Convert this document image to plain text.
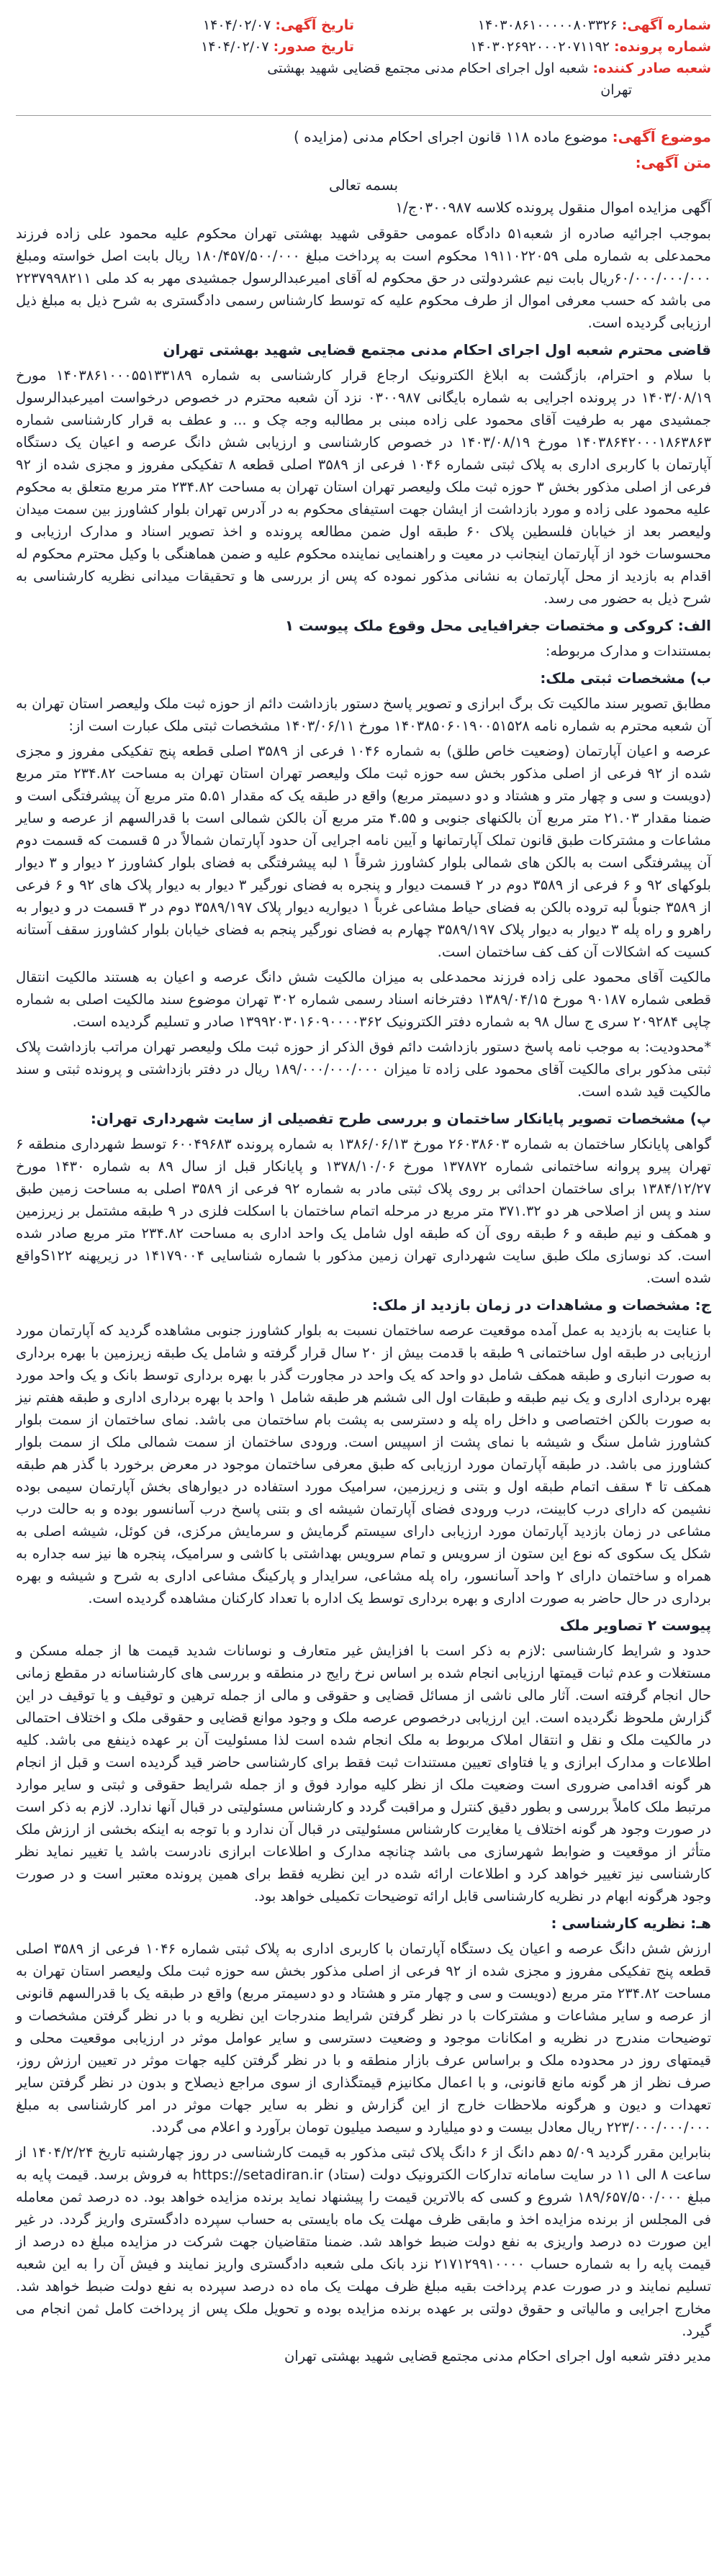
شماره آگهی: ۱۴۰۳۰۸۶۱۰۰۰۰۰۸۰۳۳۲۶
شماره پرونده: ۱۴۰۳۰۲۶۹۲۰۰۰۲۰۷۱۱۹۲
شعبه صادر کننده: شعبه اول اجرای احکام مدنی مجتمع قضایی شهید بهشتی
تهران
تاریخ آگهی: ۱۴۰۴/۰۲/۰۷
تاریخ صدور: ۱۴۰۴/۰۲/۰۷
موضوع آگهی: موضوع ماده ۱۱۸ قانون اجرای احکام مدنی (مزایده )
متن آگهی:
بسمه تعالی
آگهی مزایده اموال منقول پرونده کلاسه ۰۳۰۰۹۸۷ج/۱

بموجب اجرائیه صادره از شعبه۵۱ دادگاه عمومی حقوقی شهید بهشتی تهران محکوم علیه محمود علی زاده فرزند محمدعلی به شماره ملی ۱۹۱۱۰۲۲۰۵۹ محکوم است به پرداخت مبلغ ۱۸۰/۴۵۷/۵۰۰/۰۰۰ ریال بابت اصل خواسته ومبلغ ۶۰/۰۰۰/۰۰۰/۰۰۰ریال بابت نیم عشردولتی در حق محکوم له آقای امیرعبدالرسول جمشیدی مهر به کد ملی ۲۲۳۷۹۹۸۲۱۱ می باشد که حسب معرفی اموال از طرف محکوم علیه که توسط کارشناس رسمی دادگستری به شرح ذیل به مبلغ ذیل ارزیابی گردیده است.

قاضی محترم شعبه اول اجرای احکام مدنی مجتمع قضایی شهید بهشتی تهران

با سلام و احترام، بازگشت به ابلاغ الکترونیک ارجاع قرار کارشناسی به شماره ۱۴۰۳۸۶۱۰۰۰۵۵۱۳۳۱۸۹ مورخ ۱۴۰۳/۰۸/۱۹ در پرونده اجرایی به شماره بایگانی ۰۳۰۰۹۸۷ نزد آن شعبه محترم در خصوص درخواست امیرعبدالرسول جمشیدی مهر به طرفیت آقای محمود علی زاده مبنی بر مطالبه وجه چک و ... و عطف به قرار کارشناسی شماره ۱۴۰۳۸۶۴۲۰۰۰۱۸۶۳۸۶۳ مورخ ۱۴۰۳/۰۸/۱۹ در خصوص کارشناسی و ارزیابی شش دانگ عرصه و اعیان یک دستگاه آپارتمان با کاربری اداری به پلاک ثبتی شماره ۱۰۴۶ فرعی از ۳۵۸۹ اصلی قطعه ۸ تفکیکی مفروز و مجزی شده از ۹۲ فرعی از اصلی مذکور بخش ۳ حوزه ثبت ملک ولیعصر تهران استان تهران به مساحت ۲۳۴.۸۲ متر مربع متعلق به محکوم علیه محمود علی زاده و مورد بازداشت از ایشان جهت استیفای محکوم به در آدرس تهران بلوار کشاورز بین سمت میدان ولیعصر بعد از خیابان فلسطین پلاک ۶۰ طبقه اول ضمن مطالعه پرونده و اخذ تصویر اسناد و مدارک ارزیابی و محسوسات خود از آپارتمان اینجانب در معیت و راهنمایی نماینده محکوم علیه و ضمن هماهنگی با وکیل محترم محکوم له اقدام به بازدید از محل آپارتمان به نشانی مذکور نموده که پس از بررسی ها و تحقیقات میدانی نظریه کارشناسی به شرح ذیل به حضور می رسد.

الف: کروکی و مختصات جغرافیایی محل وقوع ملک پیوست ۱

بمستندات و مدارک مربوطه:

ب) مشخصات ثبتی ملک:

مطابق تصویر سند مالکیت تک برگ ابرازی و تصویر پاسخ دستور بازداشت دائم از حوزه ثبت ملک ولیعصر استان تهران به آن شعبه محترم به شماره نامه ۱۴۰۳۸۵۰۶۰۱۹۰۰۵۱۵۲۸ مورخ ۱۴۰۳/۰۶/۱۱ مشخصات ثبتی ملک عبارت است از:

عرصه و اعیان آپارتمان (وضعیت خاص طلق) به شماره ۱۰۴۶ فرعی از ۳۵۸۹ اصلی قطعه پنج تفکیکی مفروز و مجزی شده از ۹۲ فرعی از اصلی مذکور بخش سه حوزه ثبت ملک ولیعصر تهران استان تهران به مساحت ۲۳۴.۸۲ متر مربع (دویست و سی و چهار متر و هشتاد و دو دسیمتر مربع) واقع در طبقه یک که مقدار ۵.۵۱ متر مربع آن پیشرفتگی است و ضمنا مقدار ۲۱.۰۳ متر مربع آن بالکنهای جنوبی و ۴.۵۵ متر مربع آن بالکن شمالی است با قدرالسهم از عرصه و سایر مشاعات و مشترکات طبق قانون تملک آپارتمانها و آیین نامه اجرایی آن حدود آپارتمان شمالاً در ۵ قسمت که قسمت دوم آن پیشرفتگی است به بالکن های شمالی بلوار کشاورز شرقاً ۱ لبه پیشرفتگی به فضای بلوار کشاورز ۲ دیوار و ۳ دیوار بلوکهای ۹۲ و ۶ فرعی از ۳۵۸۹ دوم در ۲ قسمت دیوار و پنجره به فضای نورگیر ۳ دیوار به دیوار پلاک های ۹۲ و ۶ فرعی از ۳۵۸۹ جنوباً لبه تروده بالکن به فضای حیاط مشاعی غرباً ۱ دیواریه دیوار پلاک ۳۵۸۹/۱۹۷ دوم در ۳ قسمت در و دیوار به راهرو و راه پله ۳ دیوار به دیوار پلاک ۳۵۸۹/۱۹۷ چهارم به فضای نورگیر پنجم به فضای خیابان بلوار کشاورز سقف آستانه کسیت که اشکالات آن کف کف ساختمان است.

مالکیت آقای محمود علی زاده فرزند محمدعلی به میزان مالکیت شش دانگ عرصه و اعیان به هستند مالکیت انتقال قطعی شماره ۹۰۱۸۷ مورخ ۱۳۸۹/۰۴/۱۵ دفترخانه اسناد رسمی شماره ۳۰۲ تهران موضوع سند مالکیت اصلی به شماره چاپی ۲۰۹۲۸۴ سری ج سال ۹۸ به شماره دفتر الکترونیک ۱۳۹۹۲۰۳۰۱۶۰۹۰۰۰۰۳۶۲ صادر و تسلیم گردیده است.

*محدودیت: به موجب نامه پاسخ دستور بازداشت دائم فوق الذکر از حوزه ثبت ملک ولیعصر تهران مراتب بازداشت پلاک ثبتی مذکور برای مالکیت آقای محمود علی زاده تا میزان ۱۸۹/۰۰۰/۰۰۰/۰۰۰ ریال در دفتر بازداشتی و پرونده ثبتی و سند مالکیت قید شده است.

پ) مشخصات تصویر پایانکار ساختمان و بررسی طرح تفصیلی از سایت شهرداری تهران:

گواهی پایانکار ساختمان به شماره ۲۶۰۳۸۶۰۳ مورخ ۱۳۸۶/۰۶/۱۳ به شماره پرونده ۶۰۰۴۹۶۸۳ توسط شهرداری منطقه ۶ تهران پیرو پروانه ساختمانی شماره ۱۳۷۸۷۲ مورخ ۱۳۷۸/۱۰/۰۶ و پایانکار قبل از سال ۸۹ به شماره ۱۴۳۰ مورخ ۱۳۸۴/۱۲/۲۷ برای ساختمان احداثی بر روی پلاک ثبتی مادر به شماره ۹۲ فرعی از ۳۵۸۹ اصلی به مساحت زمین طبق سند و پس از اصلاحی هر دو ۳۷۱.۳۲ متر مربع در مرحله اتمام ساختمان با اسکلت فلزی در ۹ طبقه مشتمل بر زیرزمین و همکف و نیم طبقه و ۶ طبقه روی آن که طبقه اول شامل یک واحد اداری به مساحت ۲۳۴.۸۲ متر مربع صادر شده است. کد نوسازی ملک طبق سایت شهرداری تهران زمین مذکور با شماره شناسایی ۱۴۱۷۹۰۰۴ در زیرپهنه S۱۲۲واقع شده است.

ج: مشخصات و مشاهدات در زمان بازدید از ملک:

با عنایت به بازدید به عمل آمده موقعیت عرصه ساختمان نسبت به بلوار کشاورز جنوبی مشاهده گردید که آپارتمان مورد ارزیابی در طبقه اول ساختمانی ۹ طبقه با قدمت بیش از ۲۰ سال قرار گرفته و شامل یک طبقه زیرزمین با بهره برداری به صورت انباری و طبقه همکف شامل دو واحد که یک واحد در مجاورت گذر با بهره برداری توسط بانک و یک واحد مورد بهره برداری اداری و یک نیم طبقه و طبقات اول الی ششم هر طبقه شامل ۱ واحد با بهره برداری اداری و طبقه هفتم نیز به صورت بالکن اختصاصی و داخل راه پله و دسترسی به پشت بام ساختمان می باشد. نمای ساختمان از سمت بلوار کشاورز شامل سنگ و شیشه با نمای پشت از اسپیس است. ورودی ساختمان از سمت شمالی ملک از سمت بلوار کشاورز می باشد. در طبقه آپارتمان مورد ارزیابی که طبق معرفی ساختمان موجود در معرض برخورد با گذر هم طبقه همکف تا ۴ سقف اتمام طبقه اول و بتنی و زیرزمین، سرامیک مورد استفاده در دیوارهای بخش آپارتمان سیمی بوده نشیمن که دارای درب کابینت، درب ورودی فضای آپارتمان شیشه ای و بتنی پاسخ درب آسانسور بوده و به حالت درب مشاعی در زمان بازدید آپارتمان مورد ارزیابی دارای سیستم گرمایش و سرمایش مرکزی، فن کوئل، شیشه اصلی به شکل یک سکوی که نوع این ستون از سرویس و تمام سرویس بهداشتی با کاشی و سرامیک، پنجره ها نیز سه جداره به همراه و ساختمان دارای ۲ واحد آسانسور، راه پله مشاعی، سرایدار و پارکینگ مشاعی اداری به شرح و شیشه و بهره برداری در حال حاضر به صورت اداری و بهره برداری توسط یک اداره با تعداد کارکنان مشاهده گردیده است.

پیوست ۲ تصاویر ملک

حدود و شرایط کارشناسی :لازم به ذکر است با افزایش غیر متعارف و نوسانات شدید قیمت ها از جمله مسکن و مستغلات و عدم ثبات قیمتها ارزیابی انجام شده بر اساس نرخ رایج در منطقه و بررسی های کارشناسانه در مقطع زمانی حال انجام گرفته است. آثار مالی ناشی از مسائل قضایی و حقوقی و مالی از جمله ترهین و توقیف و یا توقیف در این گزارش ملحوظ نگردیده است. این ارزیابی درخصوص عرصه ملک و وجود موانع قضایی و حقوقی ملک و اختلاف احتمالی در مالکیت ملک و نقل و انتقال املاک مربوط به ملک انجام شده است لذا مسئولیت آن بر عهده ذینفع می باشد. کلیه اطلاعات و مدارک ابرازی و یا فتاوای تعیین مستندات ثبت فقط برای کارشناسی حاضر قید گردیده است و قبل از انجام هر گونه اقدامی ضروری است وضعیت ملک از نظر کلیه موارد فوق و از جمله شرایط حقوقی و ثبتی و سایر موارد مرتبط ملک کاملاً بررسی و بطور دقیق کنترل و مراقبت گردد و کارشناس مسئولیتی در قبال آنها ندارد. لازم به ذکر است در صورت وجود هر گونه اختلاف یا مغایرت کارشناس مسئولیتی در قبال آن ندارد و با توجه به اینکه بخشی از ارزش ملک متأثر از موقعیت و ضوابط شهرسازی می باشد چنانچه مدارک و اطلاعات ابرازی نادرست باشد یا تغییر نماید نظر کارشناسی نیز تغییر خواهد کرد و اطلاعات ارائه شده در این نظریه فقط برای همین پرونده معتبر است و در صورت وجود هرگونه ابهام در نظریه کارشناسی قابل ارائه توضیحات تکمیلی خواهد بود.

هـ: نظریه کارشناسی :

ارزش شش دانگ عرصه و اعیان یک دستگاه آپارتمان با کاربری اداری به پلاک ثبتی شماره ۱۰۴۶ فرعی از ۳۵۸۹ اصلی قطعه پنج تفکیکی مفروز و مجزی شده از ۹۲ فرعی از اصلی مذکور بخش سه حوزه ثبت ملک ولیعصر استان تهران به مساحت ۲۳۴.۸۲ متر مربع (دویست و سی و چهار متر و هشتاد و دو دسیمتر مربع) واقع در طبقه یک با قدرالسهم قانونی از عرصه و سایر مشاعات و مشترکات با در نظر گرفتن شرایط مندرجات این نظریه و با در نظر گرفتن مشخصات و توضیحات مندرج در نظریه و امکانات موجود و وضعیت دسترسی و سایر عوامل موثر در ارزیابی موقعیت محلی و قیمتهای روز در محدوده ملک و براساس عرف بازار منطقه و با در نظر گرفتن کلیه جهات موثر در تعیین ارزش روز، صرف نظر از هر گونه مانع قانونی، و با اعمال مکانیزم قیمتگذاری از سوی مراجع ذیصلاح و بدون در نظر گرفتن سایر تعهدات و دیون و هرگونه ملاحظات خارج از این گزارش و نظر به سایر جهات موثر در امر کارشناسی به مبلغ ۲۲۳/۰۰۰/۰۰۰/۰۰۰ ریال معادل بیست و دو میلیارد و سیصد میلیون تومان برآورد و اعلام می گردد.

بنابراین مقرر گردید ۵/۰۹ دهم دانگ از ۶ دانگ پلاک ثبتی مذکور به قیمت کارشناسی در روز چهارشنبه تاریخ ۱۴۰۴/۲/۲۴ از ساعت ۸ الی ۱۱ در سایت سامانه تدارکات الکترونیک دولت (ستاد) https://setadiran.ir به فروش برسد. قیمت پایه به مبلغ ۱۸۹/۶۵۷/۵۰۰/۰۰۰ شروع و کسی که بالاترین قیمت را پیشنهاد نماید برنده مزایده خواهد بود. ده درصد ثمن معامله فی المجلس از برنده مزایده اخذ و مابقی ظرف مهلت یک ماه بایستی به حساب سپرده دادگستری واریز گردد. در غیر این صورت ده درصد واریزی به نفع دولت ضبط خواهد شد. ضمنا متقاضیان جهت شرکت در مزایده مبلغ ده درصد از قیمت پایه را به شماره حساب ۲۱۷۱۲۹۹۱۰۰۰۰ نزد بانک ملی شعبه دادگستری واریز نمایند و فیش آن را به این شعبه تسلیم نمایند و در صورت عدم پرداخت بقیه مبلغ ظرف مهلت یک ماه ده درصد سپرده به نفع دولت ضبط خواهد شد. مخارج اجرایی و مالیاتی و حقوق دولتی بر عهده برنده مزایده بوده و تحویل ملک پس از پرداخت کامل ثمن انجام می گیرد.

مدیر دفتر شعبه اول اجرای احکام مدنی مجتمع قضایی شهید بهشتی تهران
